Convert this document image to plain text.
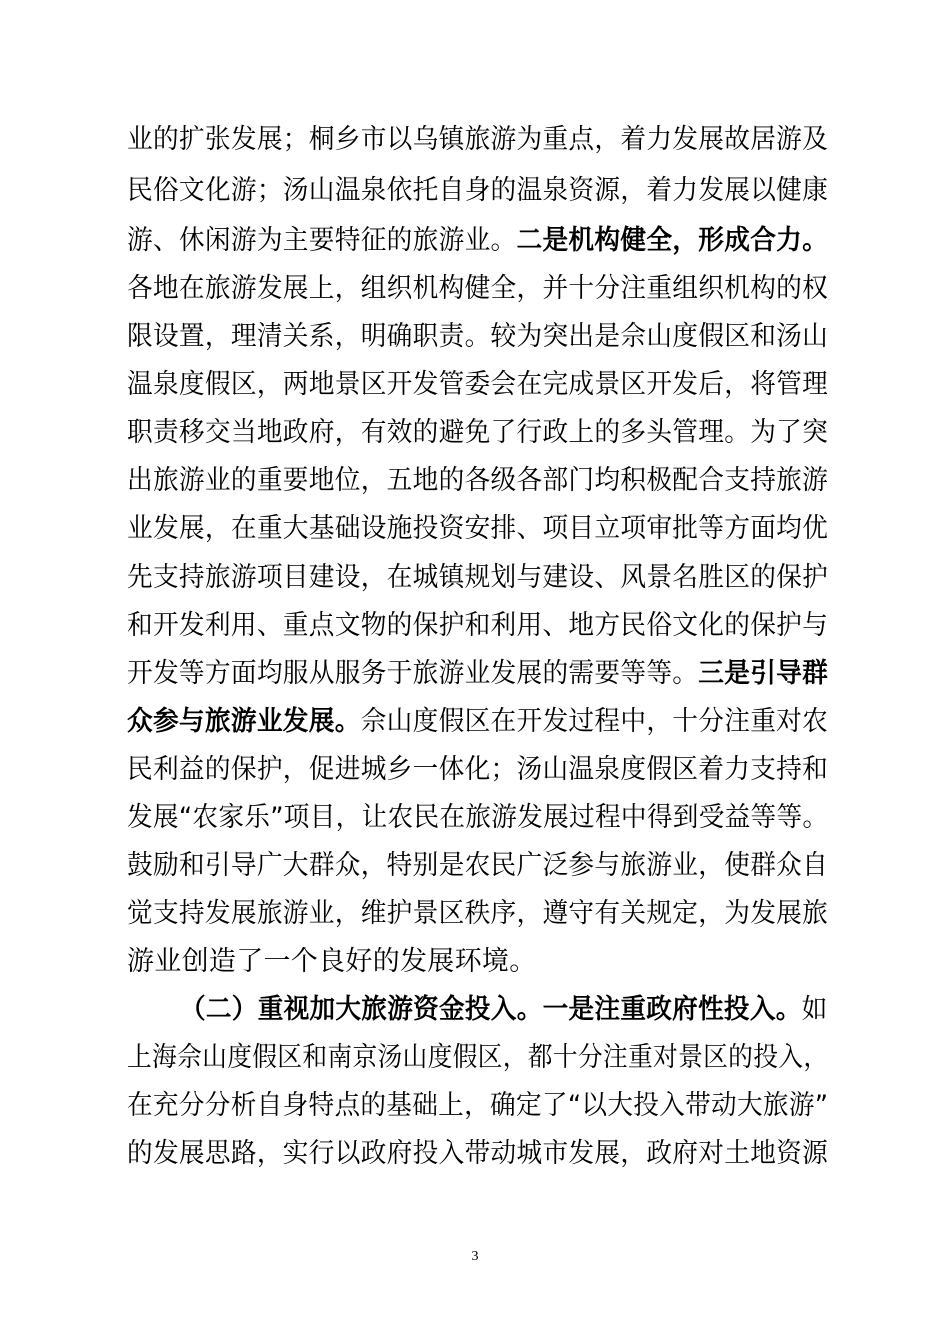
业的扩张发展；桐乡市以乌镇旅游为重点，着力发展故居游及
民俗文化游；汤山温泉依托自身的温泉资源，着力发展以健康
游、休闲游为主要特征的旅游业。二是机构健全，形成合力。
各地在旅游发展上，组织机构健全，并十分注重组织机构的权
限设置，理清关系，明确职责。较为突出是佘山度假区和汤山
温泉度假区，两地景区开发管委会在完成景区开发后，将管理
职责移交当地政府，有效的避免了行政上的多头管理。为了突
出旅游业的重要地位，五地的各级各部门均积极配合支持旅游
业发展，在重大基础设施投资安排、项目立项审批等方面均优
先支持旅游项目建设，在城镇规划与建设、风景名胜区的保护
和开发利用、重点文物的保护和利用、地方民俗文化的保护与
开发等方面均服从服务于旅游业发展的需要等等。三是引导群
众参与旅游业发展。佘山度假区在开发过程中，十分注重对农
民利益的保护，促进城乡一体化；汤山温泉度假区着力支持和
发展“农家乐”项目，让农民在旅游发展过程中得到受益等等。
鼓励和引导广大群众，特别是农民广泛参与旅游业，使群众自
觉支持发展旅游业，维护景区秩序，遵守有关规定，为发展旅
游业创造了一个良好的发展环境。
（二）重视加大旅游资金投入。一是注重政府性投入。如
上海佘山度假区和南京汤山度假区，都十分注重对景区的投入，
在充分分析自身特点的基础上，确定了“以大投入带动大旅游”
的发展思路，实行以政府投入带动城市发展，政府对土地资源
3
